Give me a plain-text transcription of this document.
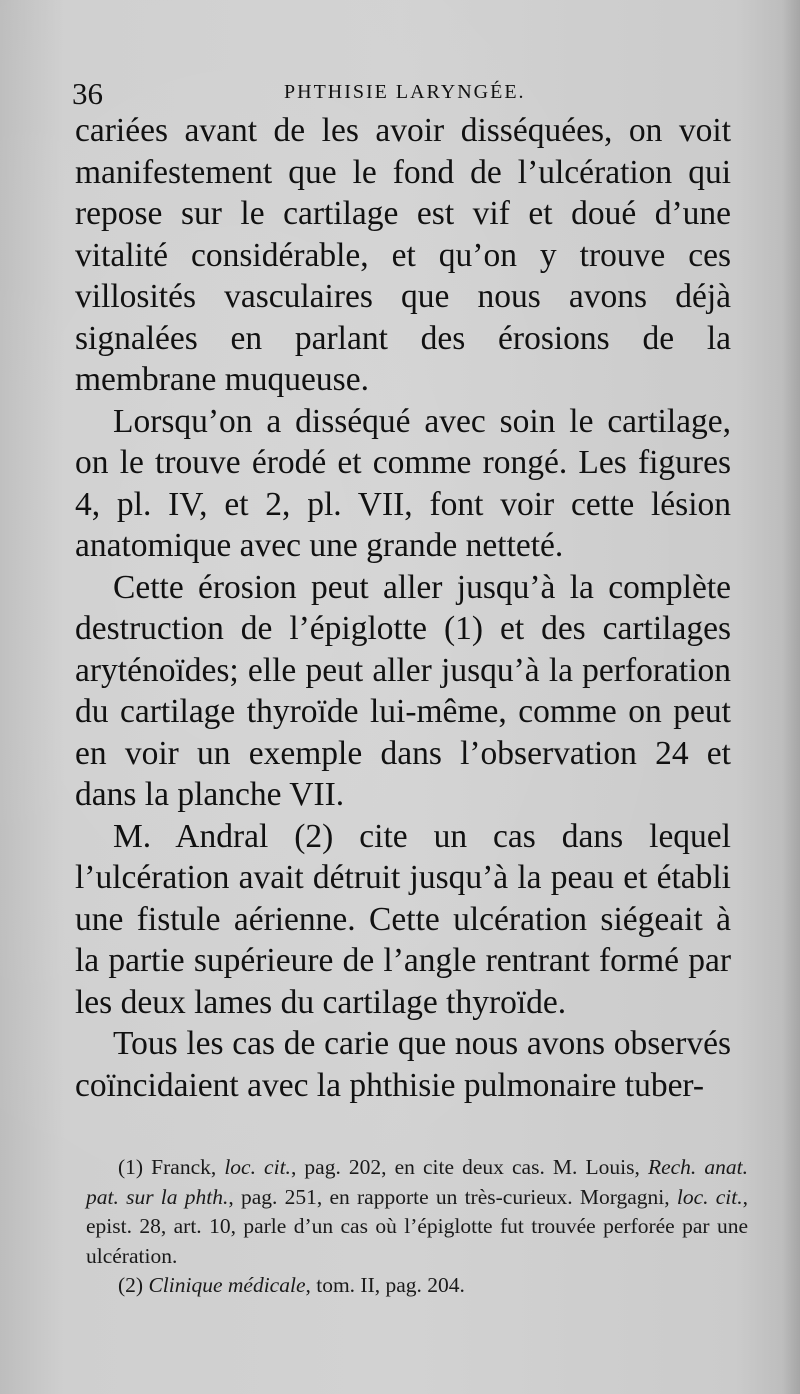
36	PHTHISIE LARYNGÉE.

cariées avant de les avoir disséquées, on voit manifestement que le fond de l’ulcération qui repose sur le cartilage est vif et doué d’une vitalité considérable, et qu’on y trouve ces villosités vasculaires que nous avons déjà signalées en parlant des érosions de la membrane muqueuse.

Lorsqu’on a disséqué avec soin le cartilage, on le trouve érodé et comme rongé. Les figures 4, pl. IV, et 2, pl. VII, font voir cette lésion anatomique avec une grande netteté.

Cette érosion peut aller jusqu’à la complète destruction de l’épiglotte (1) et des cartilages aryténoïdes; elle peut aller jusqu’à la perforation du cartilage thyroïde lui-même, comme on peut en voir un exemple dans l’observation 24 et dans la planche VII.

M. Andral (2) cite un cas dans lequel l’ulcération avait détruit jusqu’à la peau et établi une fistule aérienne. Cette ulcération siégeait à la partie supérieure de l’angle rentrant formé par les deux lames du cartilage thyroïde.

Tous les cas de carie que nous avons observés coïncidaient avec la phthisie pulmonaire tuber-

(1) Franck, loc. cit., pag. 202, en cite deux cas. M. Louis, Rech. anat. pat. sur la phth., pag. 251, en rapporte un très-curieux. Morgagni, loc. cit., epist. 28, art. 10, parle d’un cas où l’épiglotte fut trouvée perforée par une ulcération.

(2) Clinique médicale, tom. II, pag. 204.
